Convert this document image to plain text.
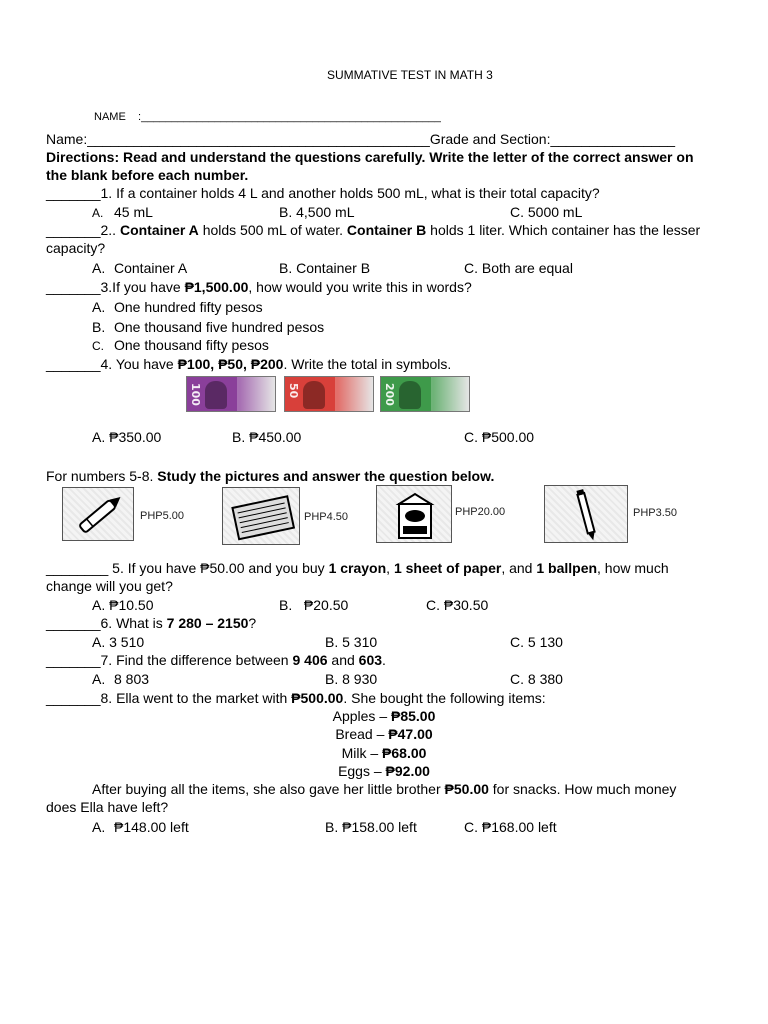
SUMMATIVE TEST IN MATH 3
NAME :_________________________________________________
Name:____________________________________________Grade and Section:________________
Directions: Read and understand the questions carefully. Write the letter of the correct answer on
the blank before each number.
_______1. If a container holds 4 L and another holds 500 mL, what is their total capacity?
A. 45 mL	B. 4,500 mL	C. 5000 mL
_______2.. Container A holds 500 mL of water. Container B holds 1 liter. Which container has the lesser
capacity?
A. Container A	B. Container B	C. Both are equal
_______3.If you have ₱1,500.00, how would you write this in words?
A. One hundred fifty pesos
B. One thousand five hundred pesos
C. One thousand fifty pesos
_______4. You have ₱100, ₱50, ₱200. Write the total in symbols.
100	50	200
A. ₱350.00	B. ₱450.00	C. ₱500.00
For numbers 5-8. Study the pictures and answer the question below.
PHP5.00	PHP4.50	PHP20.00	PHP3.50
________ 5. If you have ₱50.00 and you buy 1 crayon, 1 sheet of paper, and 1 ballpen, how much
change will you get?
A. ₱10.50	B. ₱20.50	C. ₱30.50
_______6. What is 7 280 – 2150?
A. 3 510	B. 5 310	C. 5 130
_______7. Find the difference between 9 406 and 603.
A. 8 803	B. 8 930	C. 8 380
_______8. Ella went to the market with ₱500.00. She bought the following items:
Apples – ₱85.00
Bread – ₱47.00
Milk – ₱68.00
Eggs – ₱92.00
After buying all the items, she also gave her little brother ₱50.00 for snacks. How much money
does Ella have left?
A. ₱148.00 left	B. ₱158.00 left	C. ₱168.00 left
